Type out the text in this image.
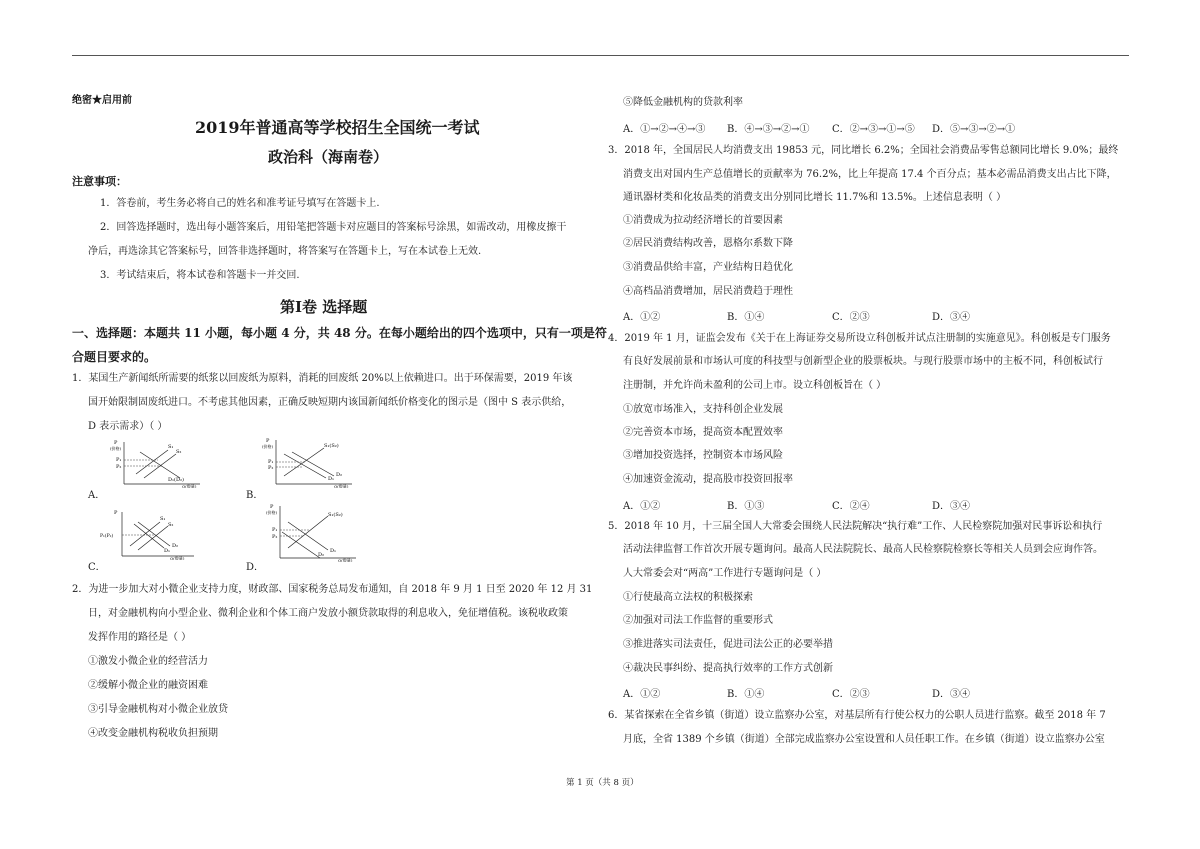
绝密★启用前
2019年普通高等学校招生全国统一考试
政治科（海南卷）
注意事项：
1．答卷前，考生务必将自己的姓名和准考证号填写在答题卡上.
2．回答选择题时，选出每小题答案后，用铅笔把答题卡对应题目的答案标号涂黑，如需改动，用橡皮擦干
净后，再选涂其它答案标号，回答非选择题时，将答案写在答题卡上，写在本试卷上无效.
3．考试结束后，将本试卷和答题卡一并交回.
第Ⅰ卷 选择题
一、选择题：本题共 11 小题，每小题 4 分，共 48 分。在每小题给出的四个选项中，只有一项是符
合题目要求的。
1．某国生产新闻纸所需要的纸浆以回废纸为原料，消耗的回废纸 20%以上依赖进口。出于环保需要，2019 年该
国开始限制固废纸进口。不考虑其他因素，正确反映短期内该国新闻纸价格变化的图示是（图中 S 表示供给，
D 表示需求）（ ）
P
(价格)
P₁
P₂
S₁
S₂
D₁(D₂)
Q(数量)
A．
P
(价格)
P₁
P₂
S₁(S₂)
D₁
D₂
Q(数量)
B．
P
P₁(P₂)
S₁
S₂
D₁
D₂
Q(数量)
C．
P
(价格)
P₁
P₂
S₁(S₂)
D₁
D₂
Q(数量)
D．
2．为进一步加大对小微企业支持力度，财政部、国家税务总局发布通知，自 2018 年 9 月 1 日至 2020 年 12 月 31
日，对金融机构向小型企业、微利企业和个体工商户发放小额贷款取得的利息收入，免征增值税。该税收政策
发挥作用的路径是（ ）
①激发小微企业的经营活力
②缓解小微企业的融资困难
③引导金融机构对小微企业放贷
④改变金融机构税收负担预期
⑤降低金融机构的贷款利率
A．①→②→④→③ B．④→③→②→① C．②→③→①→⑤ D．⑤→③→②→①
3．2018 年，全国居民人均消费支出 19853 元，同比增长 6.2%；全国社会消费品零售总额同比增长 9.0%；最终
消费支出对国内生产总值增长的贡献率为 76.2%，比上年提高 17.4 个百分点；基本必需品消费支出占比下降，
通讯器材类和化妆品类的消费支出分别同比增长 11.7%和 13.5%。上述信息表明（ ）
①消费成为拉动经济增长的首要因素
②居民消费结构改善，恩格尔系数下降
③消费品供给丰富，产业结构日趋优化
④高档品消费增加，居民消费趋于理性
A．①②	B．①④	C．②③	D．③④
4．2019 年 1 月，证监会发布《关于在上海证券交易所设立科创板并试点注册制的实施意见》。科创板是专门服务
有良好发展前景和市场认可度的科技型与创新型企业的股票板块。与现行股票市场中的主板不同，科创板试行
注册制，并允许尚未盈利的公司上市。设立科创板旨在（ ）
①放宽市场准入，支持科创企业发展
②完善资本市场，提高资本配置效率
③增加投资选择，控制资本市场风险
④加速资金流动，提高股市投资回报率
A．①②	B．①③	C．②④	D．③④
5．2018 年 10 月，十三届全国人大常委会围绕人民法院解决“执行难”工作、人民检察院加强对民事诉讼和执行
活动法律监督工作首次开展专题询问。最高人民法院院长、最高人民检察院检察长等相关人员到会应询作答。
人大常委会对“两高”工作进行专题询问是（ ）
①行使最高立法权的积极探索
②加强对司法工作监督的重要形式
③推进落实司法责任，促进司法公正的必要举措
④裁决民事纠纷、提高执行效率的工作方式创新
A．①②	B．①④	C．②③	D．③④
6．某省探索在全省乡镇（街道）设立监察办公室，对基层所有行使公权力的公职人员进行监察。截至 2018 年 7
月底，全省 1389 个乡镇（街道）全部完成监察办公室设置和人员任职工作。在乡镇（街道）设立监察办公室
第 1 页（共 8 页）
